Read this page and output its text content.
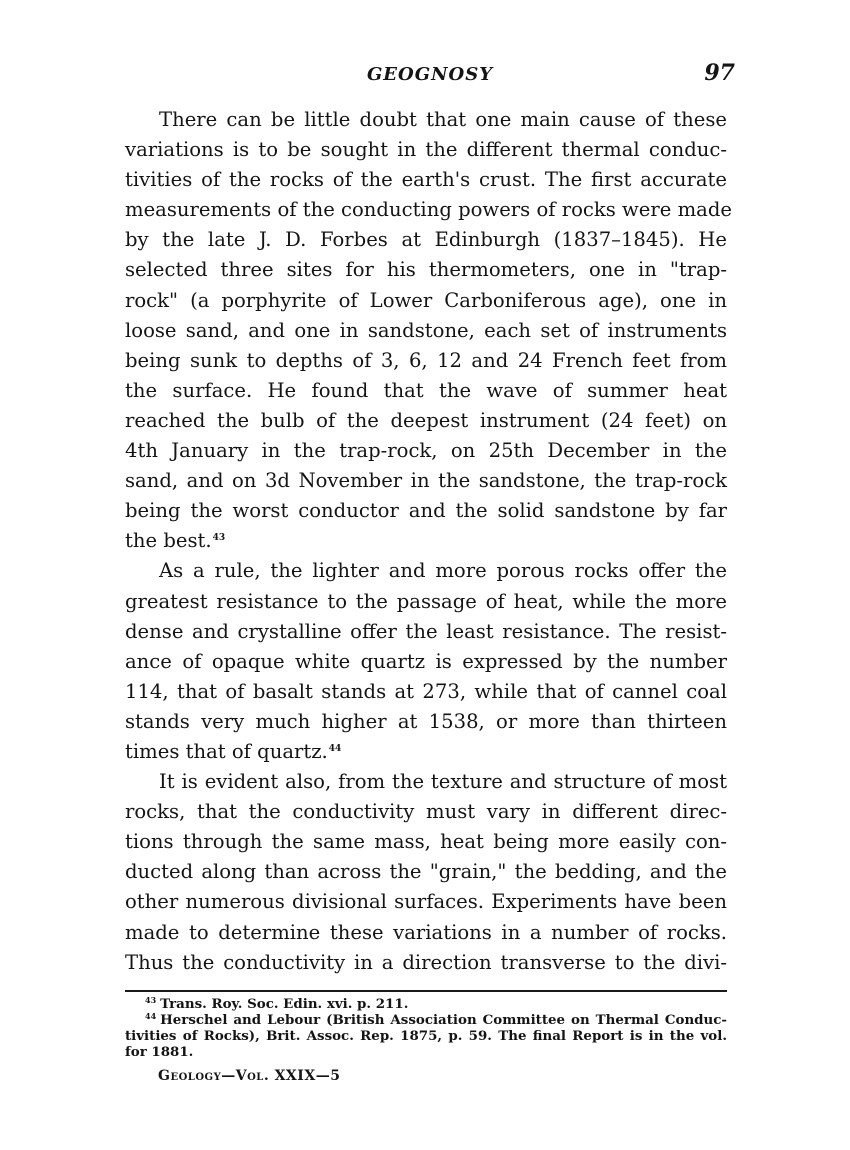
GEOGNOSY	97
There can be little doubt that one main cause of these
variations is to be sought in the different thermal conduc-
tivities of the rocks of the earth's crust. The first accurate
measurements of the conducting powers of rocks were made
by the late J. D. Forbes at Edinburgh (1837–1845). He
selected three sites for his thermometers, one in "trap-
rock" (a porphyrite of Lower Carboniferous age), one in
loose sand, and one in sandstone, each set of instruments
being sunk to depths of 3, 6, 12 and 24 French feet from
the surface. He found that the wave of summer heat
reached the bulb of the deepest instrument (24 feet) on
4th January in the trap-rock, on 25th December in the
sand, and on 3d November in the sandstone, the trap-rock
being the worst conductor and the solid sandstone by far
the best.$^{43}$
As a rule, the lighter and more porous rocks offer the
greatest resistance to the passage of heat, while the more
dense and crystalline offer the least resistance. The resist-
ance of opaque white quartz is expressed by the number
114, that of basalt stands at 273, while that of cannel coal
stands very much higher at 1538, or more than thirteen
times that of quartz.$^{44}$
It is evident also, from the texture and structure of most
rocks, that the conductivity must vary in different direc-
tions through the same mass, heat being more easily con-
ducted along than across the "grain," the bedding, and the
other numerous divisional surfaces. Experiments have been
made to determine these variations in a number of rocks.
Thus the conductivity in a direction transverse to the divi-
$^{43}$ Trans. Roy. Soc. Edin. xvi. p. 211.
$^{44}$ Herschel and Lebour (British Association Committee on Thermal Conduc-
tivities of Rocks), Brit. Assoc. Rep. 1875, p. 59. The final Report is in the vol.
for 1881.
Geology—Vol. XXIX—5
